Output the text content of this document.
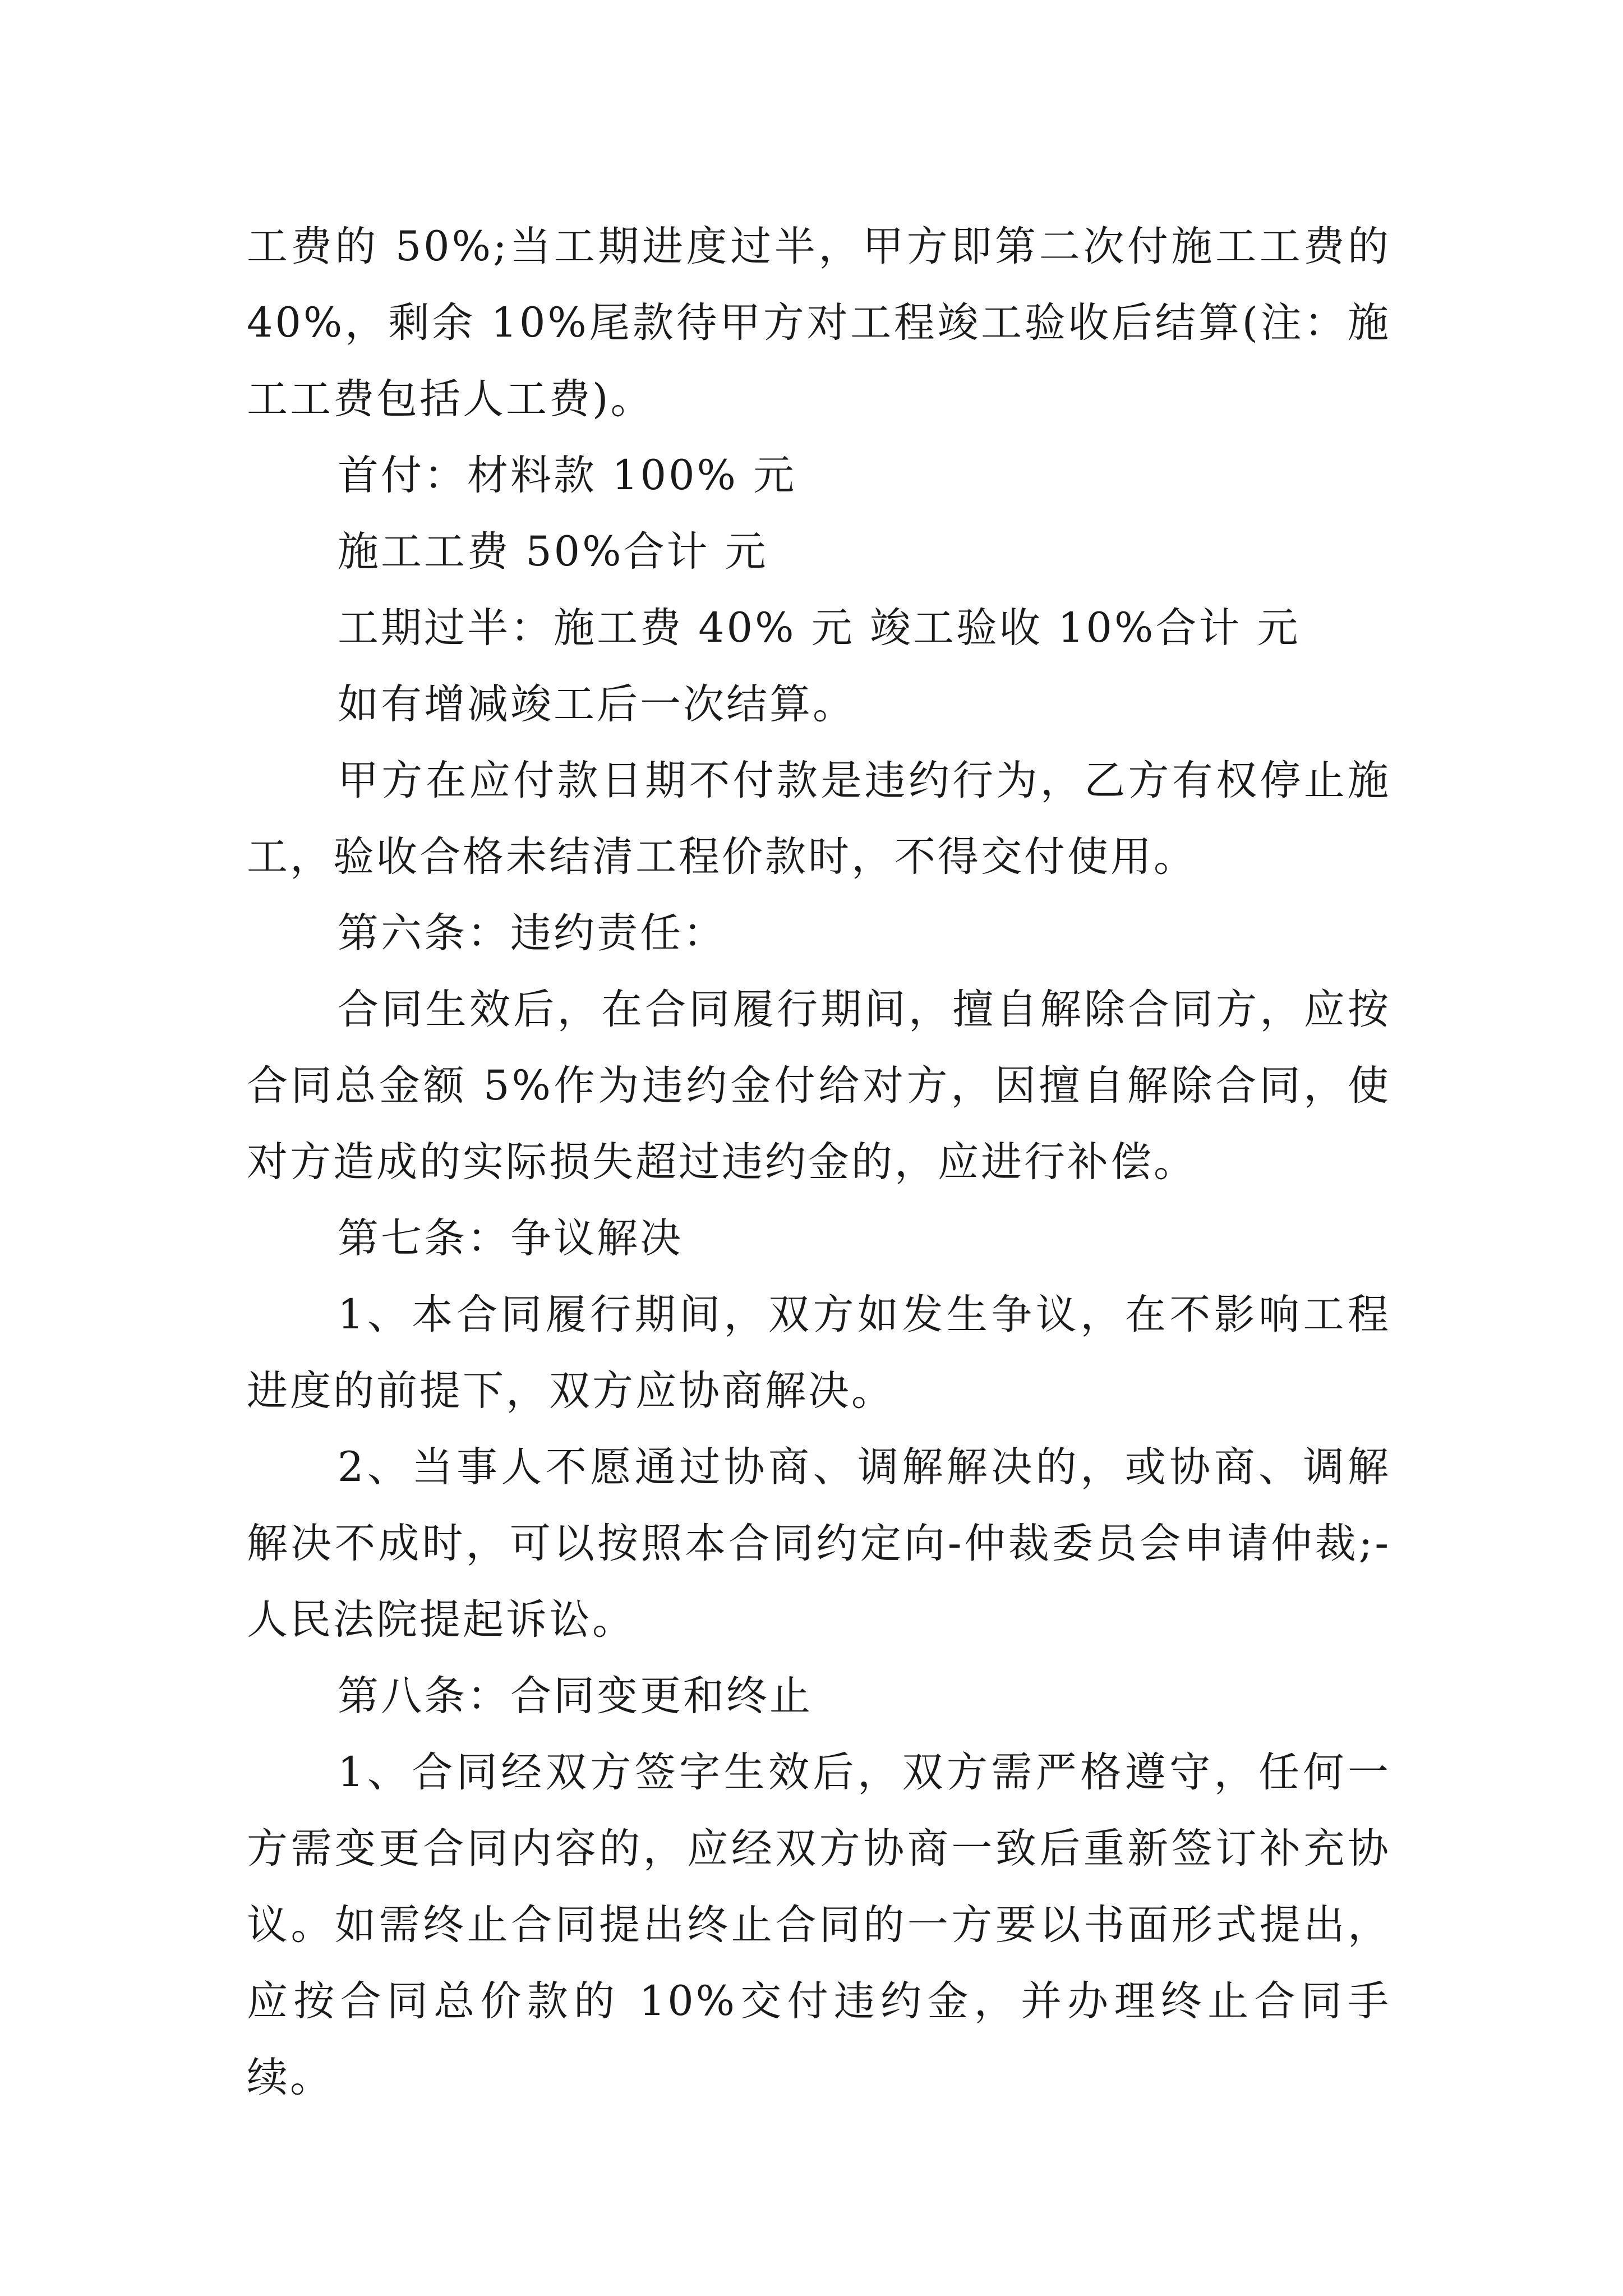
工费的 50%;当工期进度过半，甲方即第二次付施工工费的 40%，剩余 10%尾款待甲方对工程竣工验收后结算(注：施工工费包括人工费)。

首付：材料款 100% 元

施工工费 50%合计 元

工期过半：施工费 40% 元 竣工验收 10%合计 元

如有增减竣工后一次结算。

甲方在应付款日期不付款是违约行为，乙方有权停止施工，验收合格未结清工程价款时，不得交付使用。

第六条：违约责任：

合同生效后，在合同履行期间，擅自解除合同方，应按合同总金额 5%作为违约金付给对方，因擅自解除合同，使对方造成的实际损失超过违约金的，应进行补偿。

第七条：争议解决

1、本合同履行期间，双方如发生争议，在不影响工程进度的前提下，双方应协商解决。

2、当事人不愿通过协商、调解解决的，或协商、调解解决不成时，可以按照本合同约定向-仲裁委员会申请仲裁;-人民法院提起诉讼。

第八条：合同变更和终止

1、合同经双方签字生效后，双方需严格遵守，任何一方需变更合同内容的，应经双方协商一致后重新签订补充协议。如需终止合同提出终止合同的一方要以书面形式提出，应按合同总价款的 10%交付违约金，并办理终止合同手续。
